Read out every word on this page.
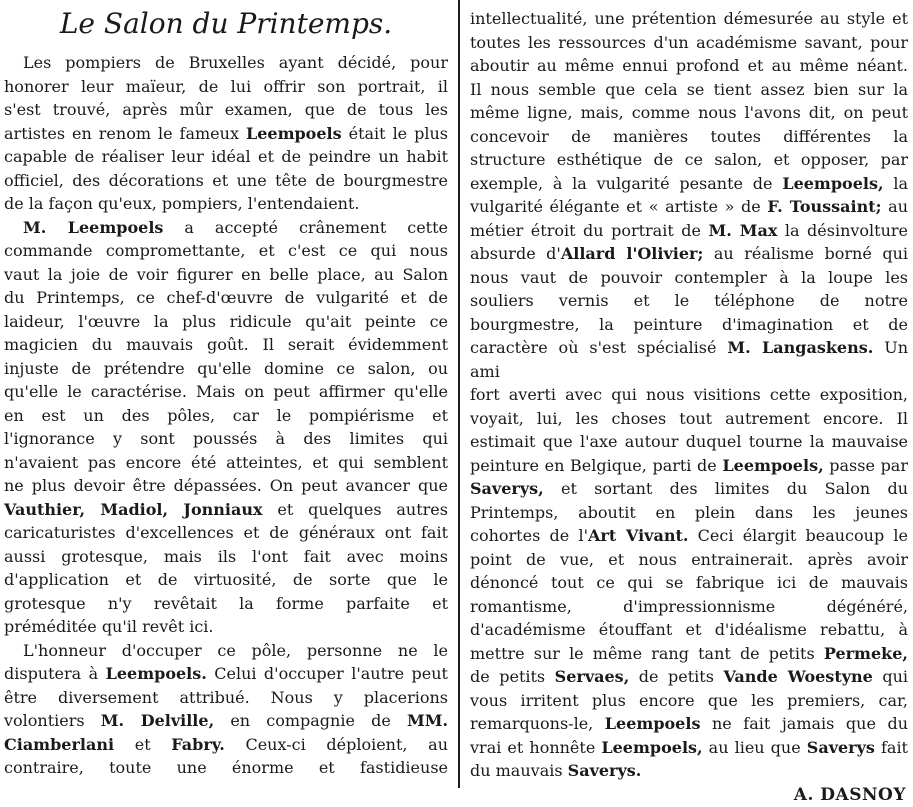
Le Salon du Printemps.
Les pompiers de Bruxelles ayant décidé, pour
honorer leur maïeur, de lui offrir son portrait, il
s'est trouvé, après mûr examen, que de tous les
artistes en renom le fameux Leempoels était le plus
capable de réaliser leur idéal et de peindre un habit
officiel, des décorations et une tête de bourgmestre
de la façon qu'eux, pompiers, l'entendaient.
M. Leempoels a accepté crânement cette
commande compromettante, et c'est ce qui nous
vaut la joie de voir figurer en belle place, au Salon
du Printemps, ce chef-d'œuvre de vulgarité et de
laideur, l'œuvre la plus ridicule qu'ait peinte ce
magicien du mauvais goût. Il serait évidemment
injuste de prétendre qu'elle domine ce salon, ou
qu'elle le caractérise. Mais on peut affirmer qu'elle
en est un des pôles, car le pompiérisme et
l'ignorance y sont poussés à des limites qui
n'avaient pas encore été atteintes, et qui semblent
ne plus devoir être dépassées. On peut avancer que
Vauthier, Madiol, Jonniaux et quelques autres
caricaturistes d'excellences et de généraux ont fait
aussi grotesque, mais ils l'ont fait avec moins
d'application et de virtuosité, de sorte que le
grotesque n'y revêtait la forme parfaite et
préméditée qu'il revêt ici.
L'honneur d'occuper ce pôle, personne ne le
disputera à Leempoels. Celui d'occuper l'autre peut
être diversement attribué. Nous y placerions
volontiers M. Delville, en compagnie de MM.
Ciamberlani et Fabry. Ceux-ci déploient, au
contraire, toute une énorme et fastidieuse
intellectualité, une prétention démesurée au style et
toutes les ressources d'un académisme savant, pour
aboutir au même ennui profond et au même néant.
Il nous semble que cela se tient assez bien sur la
même ligne, mais, comme nous l'avons dit, on peut
concevoir de manières toutes différentes la
structure esthétique de ce salon, et opposer, par
exemple, à la vulgarité pesante de Leempoels, la
vulgarité élégante et « artiste » de F. Toussaint; au
métier étroit du portrait de M. Max la désinvolture
absurde d'Allard l'Olivier; au réalisme borné qui
nous vaut de pouvoir contempler à la loupe les
souliers vernis et le téléphone de notre
bourgmestre, la peinture d'imagination et de
caractère où s'est spécialisé M. Langaskens. Un ami
fort averti avec qui nous visitions cette exposition,
voyait, lui, les choses tout autrement encore. Il
estimait que l'axe autour duquel tourne la mauvaise
peinture en Belgique, parti de Leempoels, passe par
Saverys, et sortant des limites du Salon du
Printemps, aboutit en plein dans les jeunes
cohortes de l'Art Vivant. Ceci élargit beaucoup le
point de vue, et nous entrainerait. après avoir
dénoncé tout ce qui se fabrique ici de mauvais
romantisme, d'impressionnisme dégénéré,
d'académisme étouffant et d'idéalisme rebattu, à
mettre sur le même rang tant de petits Permeke,
de petits Servaes, de petits Vande Woestyne qui
vous irritent plus encore que les premiers, car,
remarquons-le, Leempoels ne fait jamais que du
vrai et honnête Leempoels, au lieu que Saverys fait
du mauvais Saverys.
A. DASNOY
